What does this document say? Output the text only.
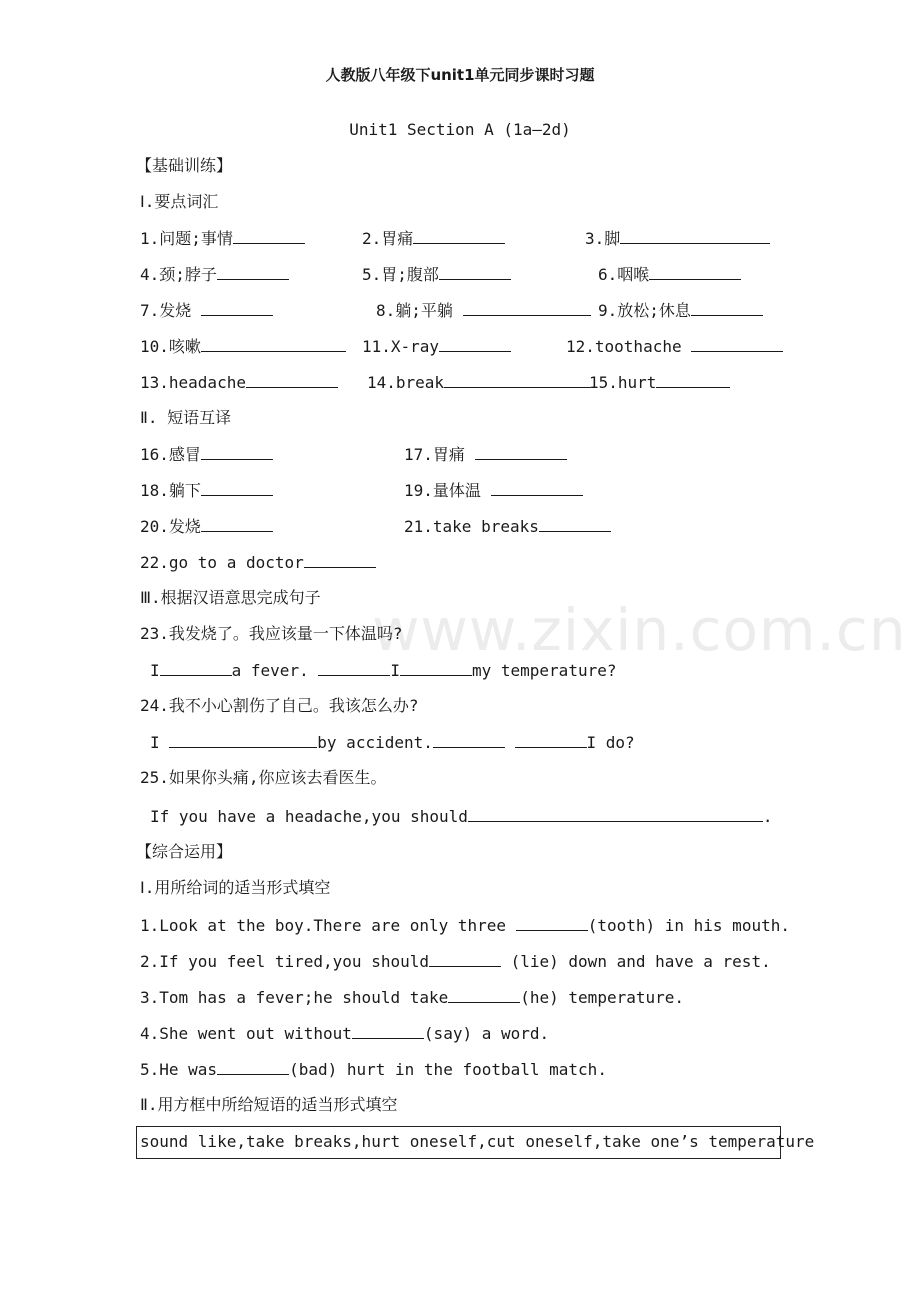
www.zixin.com.cn
人教版八年级下unit1单元同步课时习题
Unit1 Section A (1a—2d)
【基础训练】
Ⅰ.要点词汇
1.问题;事情	2.胃痛	3.脚
4.颈;脖子	5.胃;腹部	6.咽喉
7.发烧	8.躺;平躺	9.放松;休息
10.咳嗽	11.X-ray	12.toothache
13.headache	14.break	15.hurt
Ⅱ. 短语互译
16.感冒	17.胃痛
18.躺下	19.量体温
20.发烧	21.take breaks
22.go to a doctor
Ⅲ.根据汉语意思完成句子
23.我发烧了。我应该量一下体温吗?
I	a fever.	I	my temperature?
24.我不小心割伤了自己。我该怎么办?
I	by accident.	I do?
25.如果你头痛,你应该去看医生。
If you have a headache,you should	.
【综合运用】
Ⅰ.用所给词的适当形式填空
1.Look at the boy.There are only three	(tooth) in his mouth.
2.If you feel tired,you should	(lie) down and have a rest.
3.Tom has a fever;he should take	(he) temperature.
4.She went out without	(say) a word.
5.He was	(bad) hurt in the football match.
Ⅱ.用方框中所给短语的适当形式填空
sound like,take breaks,hurt oneself,cut oneself,take one’s temperature
